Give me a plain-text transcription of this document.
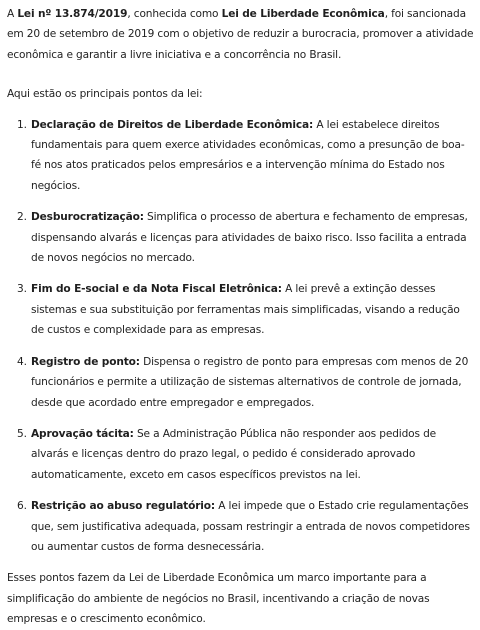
A Lei nº 13.874/2019, conhecida como Lei de Liberdade Econômica, foi sancionada em 20 de setembro de 2019 com o objetivo de reduzir a burocracia, promover a atividade econômica e garantir a livre iniciativa e a concorrência no Brasil.

Aqui estão os principais pontos da lei:

1. Declaração de Direitos de Liberdade Econômica: A lei estabelece direitos fundamentais para quem exerce atividades econômicas, como a presunção de boa-fé nos atos praticados pelos empresários e a intervenção mínima do Estado nos negócios.
2. Desburocratização: Simplifica o processo de abertura e fechamento de empresas, dispensando alvarás e licenças para atividades de baixo risco. Isso facilita a entrada de novos negócios no mercado.
3. Fim do E-social e da Nota Fiscal Eletrônica: A lei prevê a extinção desses sistemas e sua substituição por ferramentas mais simplificadas, visando a redução de custos e complexidade para as empresas.
4. Registro de ponto: Dispensa o registro de ponto para empresas com menos de 20 funcionários e permite a utilização de sistemas alternativos de controle de jornada, desde que acordado entre empregador e empregados.
5. Aprovação tácita: Se a Administração Pública não responder aos pedidos de alvarás e licenças dentro do prazo legal, o pedido é considerado aprovado automaticamente, exceto em casos específicos previstos na lei.
6. Restrição ao abuso regulatório: A lei impede que o Estado crie regulamentações que, sem justificativa adequada, possam restringir a entrada de novos competidores ou aumentar custos de forma desnecessária.

Esses pontos fazem da Lei de Liberdade Econômica um marco importante para a simplificação do ambiente de negócios no Brasil, incentivando a criação de novas empresas e o crescimento econômico.
